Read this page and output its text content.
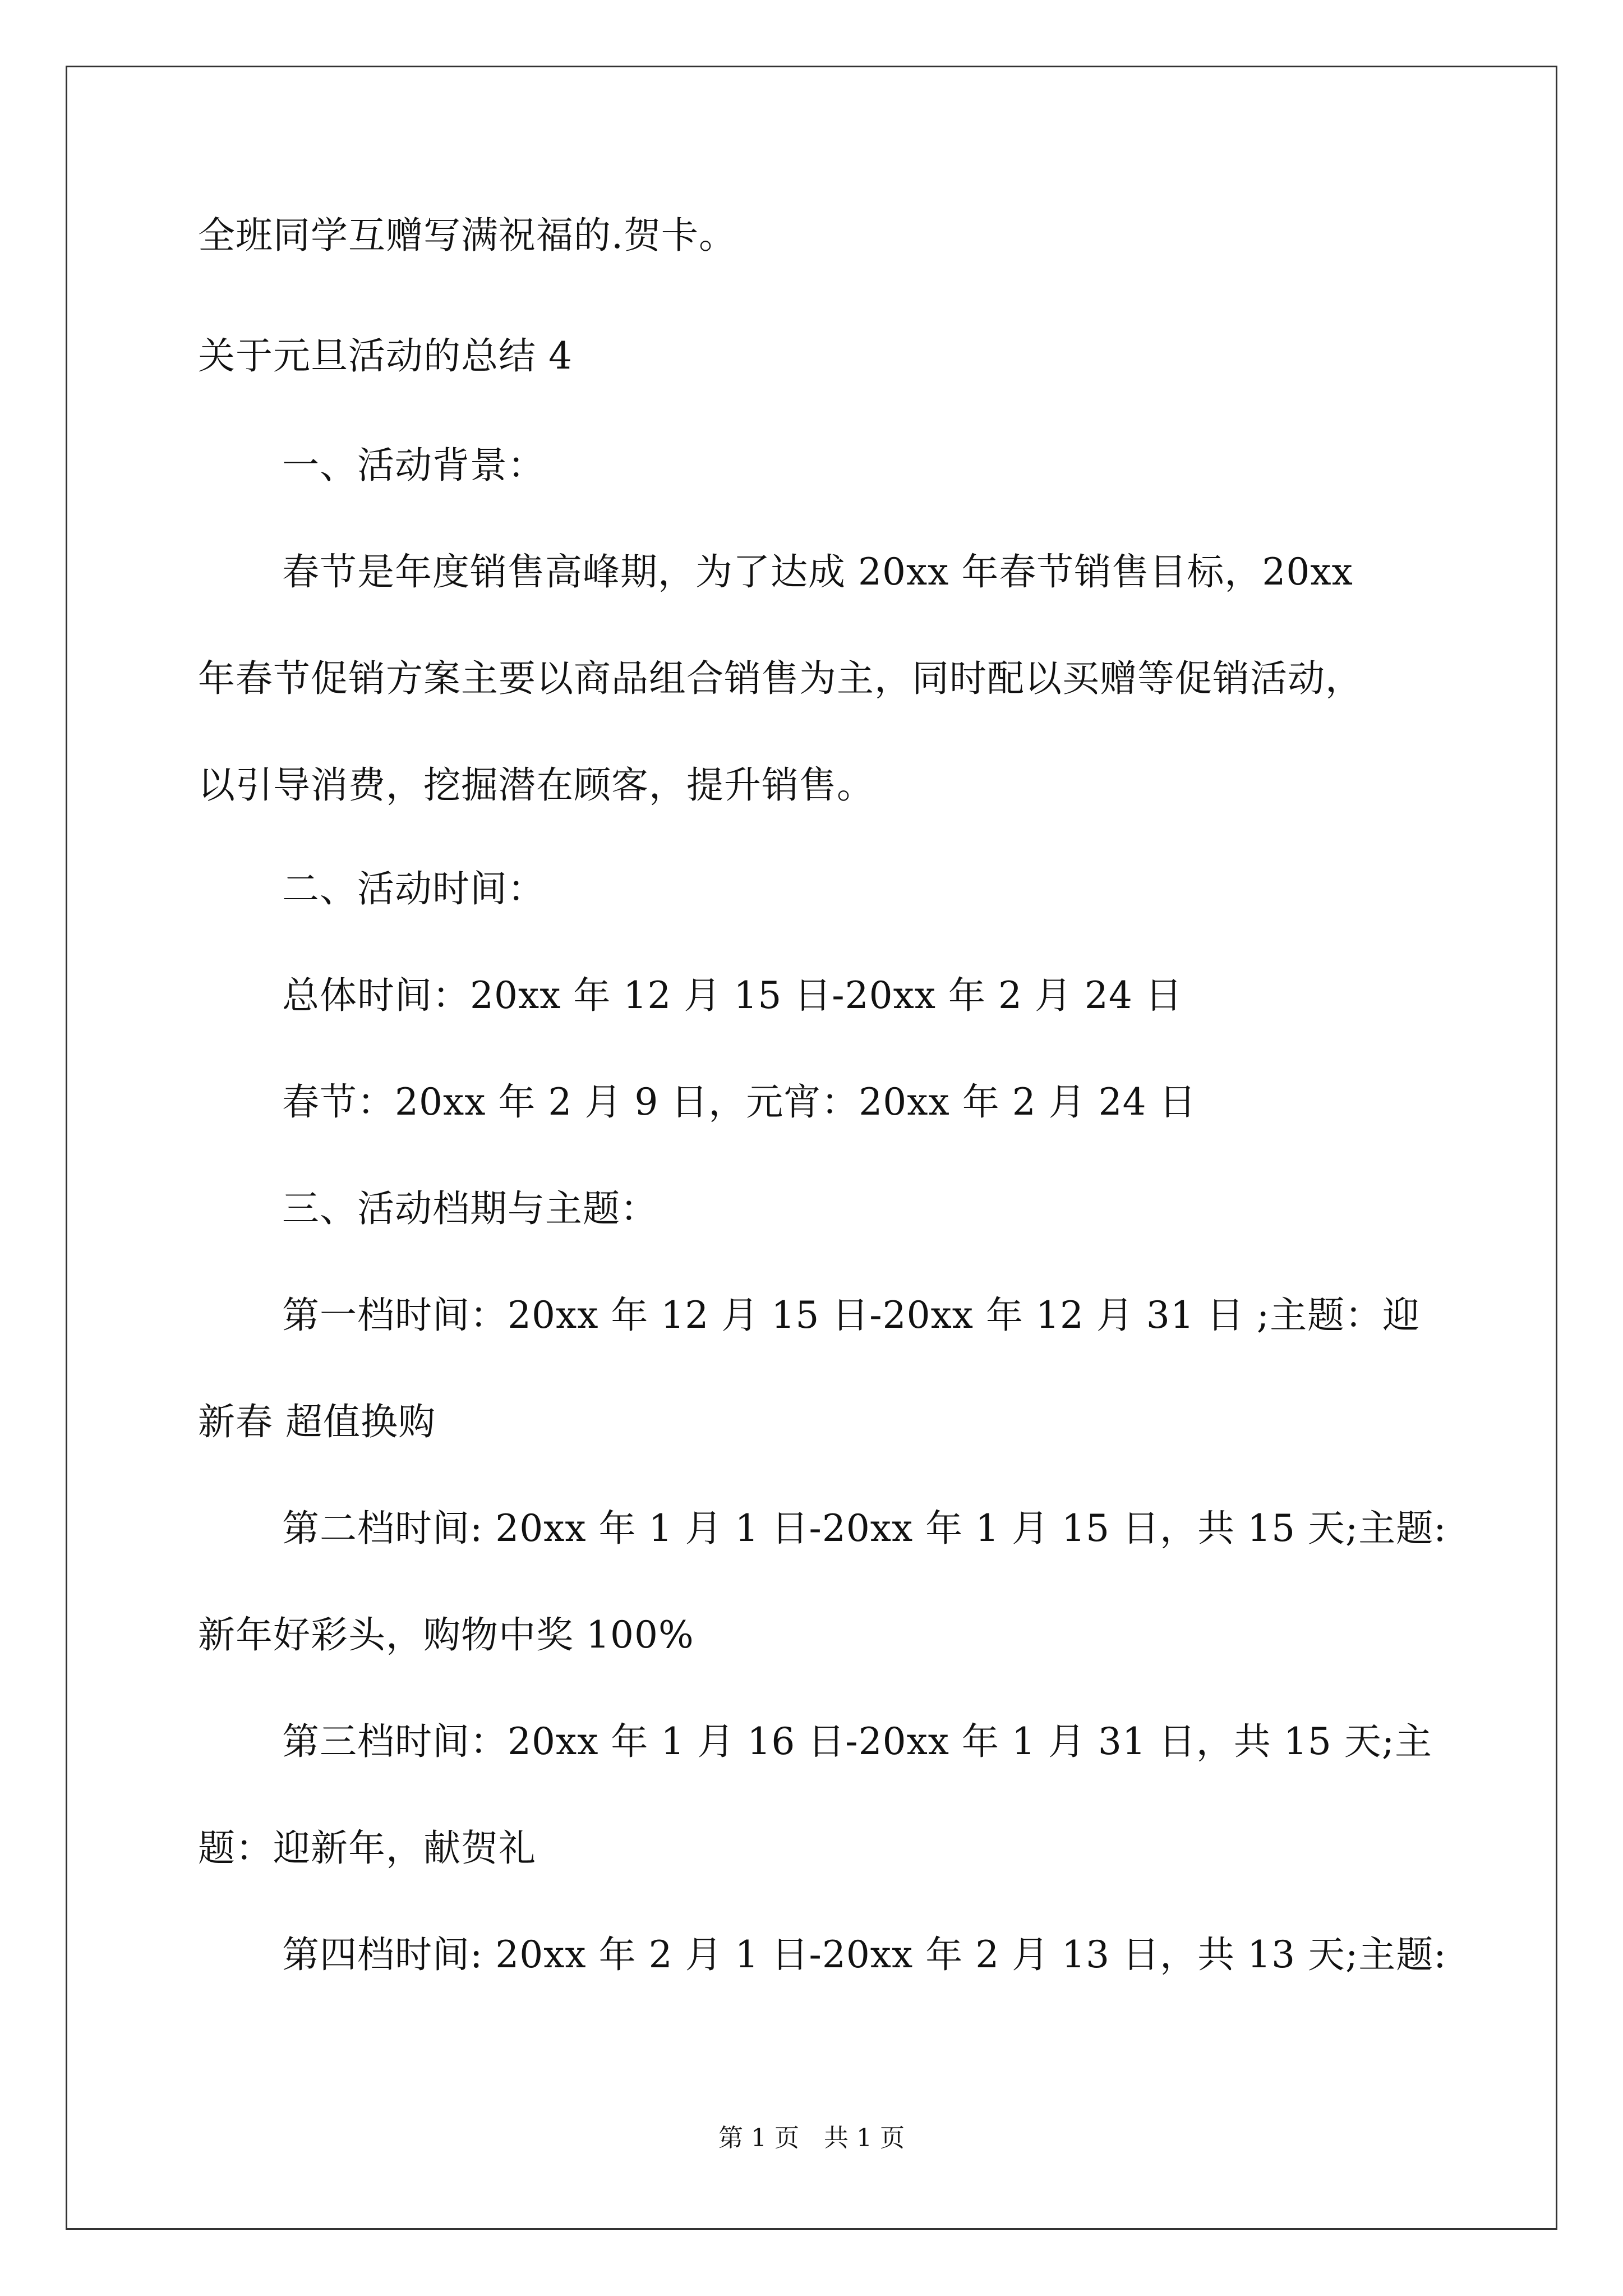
全班同学互赠写满祝福的.贺卡。
关于元旦活动的总结 4
一、活动背景：
春节是年度销售高峰期，为了达成 20xx 年春节销售目标，20xx
年春节促销方案主要以商品组合销售为主，同时配以买赠等促销活动，
以引导消费，挖掘潜在顾客，提升销售。
二、活动时间：
总体时间：20xx 年 12 月 15 日-20xx 年 2 月 24 日
春节：20xx 年 2 月 9 日，元宵：20xx 年 2 月 24 日
三、活动档期与主题：
第一档时间：20xx 年 12 月 15 日-20xx 年 12 月 31 日 ;主题：迎
新春 超值换购
第二档时间: 20xx 年 1 月 1 日-20xx 年 1 月 15 日，共 15 天;主题:
新年好彩头，购物中奖 100%
第三档时间：20xx 年 1 月 16 日-20xx 年 1 月 31 日，共 15 天;主
题：迎新年，献贺礼
第四档时间: 20xx 年 2 月 1 日-20xx 年 2 月 13 日，共 13 天;主题:
第 1 页　共 1 页
